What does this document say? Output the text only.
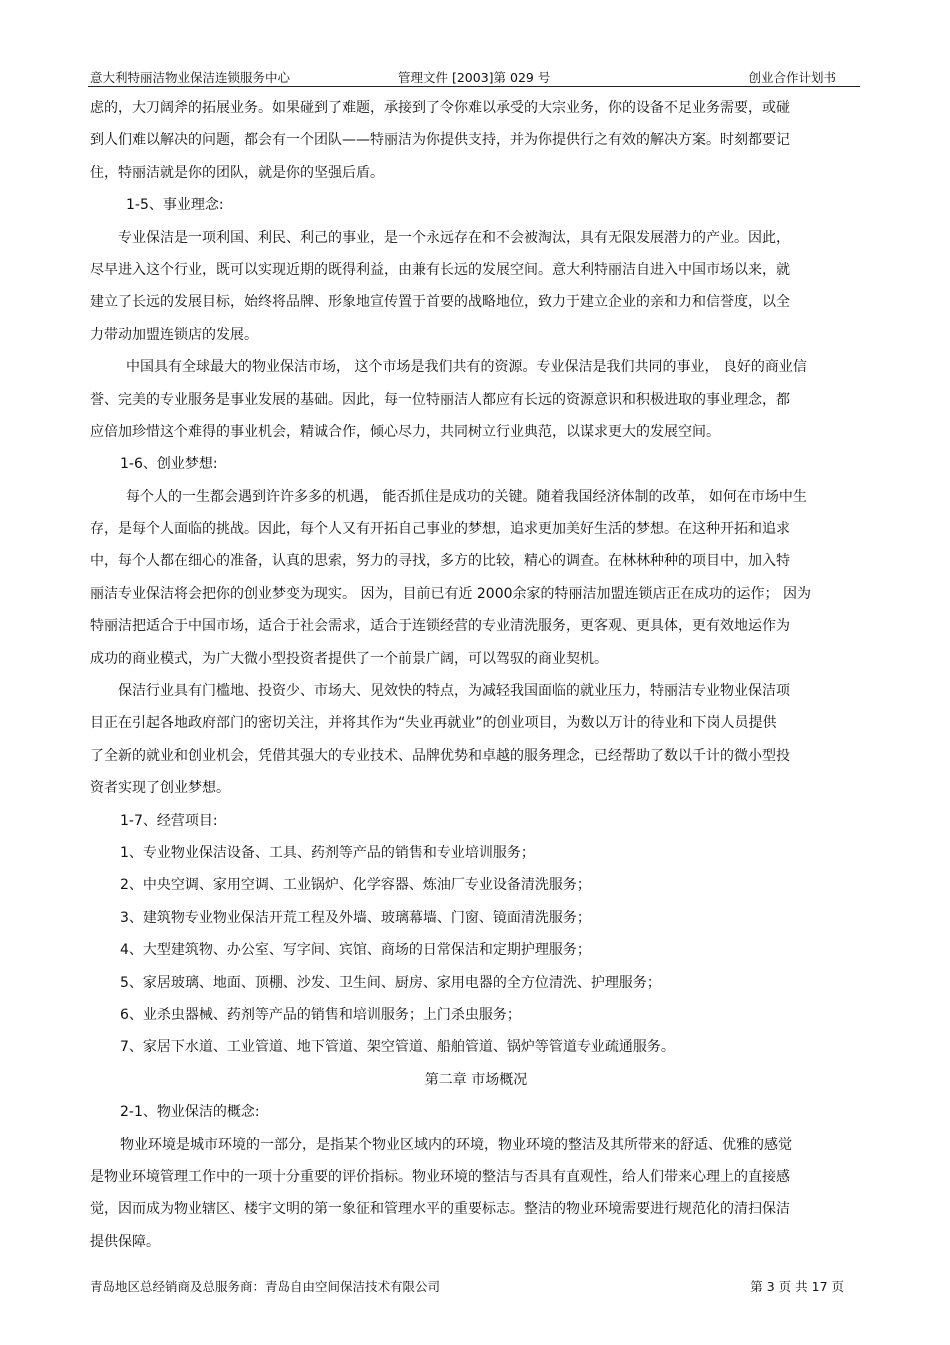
意大利特丽洁物业保洁连锁服务中心	管理文件 [2003]第 029 号	创业合作计划书
虑的，大刀阔斧的拓展业务。如果碰到了难题，承接到了令你难以承受的大宗业务，你的设备不足业务需要，或碰
到人们难以解决的问题，都会有一个团队——特丽洁为你提供支持，并为你提供行之有效的解决方案。时刻都要记
住，特丽洁就是你的团队，就是你的坚强后盾。
1-5、事业理念:
专业保洁是一项利国、利民、利己的事业，是一个永远存在和不会被淘汰，具有无限发展潜力的产业。因此，
尽早进入这个行业，既可以实现近期的既得利益，由兼有长远的发展空间。意大利特丽洁自进入中国市场以来，就
建立了长远的发展目标，始终将品牌、形象地宣传置于首要的战略地位，致力于建立企业的亲和力和信誉度，以全
力带动加盟连锁店的发展。
中国具有全球最大的物业保洁市场， 这个市场是我们共有的资源。专业保洁是我们共同的事业， 良好的商业信
誉、完美的专业服务是事业发展的基础。因此，每一位特丽洁人都应有长远的资源意识和积极进取的事业理念，都
应倍加珍惜这个难得的事业机会，精诚合作，倾心尽力，共同树立行业典范，以谋求更大的发展空间。
1-6、创业梦想:
每个人的一生都会遇到许许多多的机遇， 能否抓住是成功的关键。随着我国经济体制的改革， 如何在市场中生
存，是每个人面临的挑战。因此，每个人又有开拓自己事业的梦想，追求更加美好生活的梦想。在这种开拓和追求
中，每个人都在细心的准备，认真的思索，努力的寻找，多方的比较，精心的调查。在林林种种的项目中，加入特
丽洁专业保洁将会把你的创业梦变为现实。 因为，目前已有近 2000余家的特丽洁加盟连锁店正在成功的运作； 因为
特丽洁把适合于中国市场，适合于社会需求，适合于连锁经营的专业清洗服务，更客观、更具体，更有效地运作为
成功的商业模式，为广大微小型投资者提供了一个前景广阔，可以驾驭的商业契机。
保洁行业具有门槛地、投资少、市场大、见效快的特点，为减轻我国面临的就业压力，特丽洁专业物业保洁项
目正在引起各地政府部门的密切关注，并将其作为“失业再就业”的创业项目，为数以万计的待业和下岗人员提供
了全新的就业和创业机会，凭借其强大的专业技术、品牌优势和卓越的服务理念，已经帮助了数以千计的微小型投
资者实现了创业梦想。
1-7、经营项目:
1、专业物业保洁设备、工具、药剂等产品的销售和专业培训服务；
2、中央空调、家用空调、工业锅炉、化学容器、炼油厂专业设备清洗服务；
3、建筑物专业物业保洁开荒工程及外墙、玻璃幕墙、门窗、镜面清洗服务；
4、大型建筑物、办公室、写字间、宾馆、商场的日常保洁和定期护理服务；
5、家居玻璃、地面、顶棚、沙发、卫生间、厨房、家用电器的全方位清洗、护理服务；
6、业杀虫器械、药剂等产品的销售和培训服务；上门杀虫服务；
7、家居下水道、工业管道、地下管道、架空管道、船舶管道、锅炉等管道专业疏通服务。
第二章 市场概况
2-1、物业保洁的概念:
物业环境是城市环境的一部分，是指某个物业区域内的环境，物业环境的整洁及其所带来的舒适、优雅的感觉
是物业环境管理工作中的一项十分重要的评价指标。物业环境的整洁与否具有直观性，给人们带来心理上的直接感
觉，因而成为物业辖区、楼宇文明的第一象征和管理水平的重要标志。整洁的物业环境需要进行规范化的清扫保洁
提供保障。
青岛地区总经销商及总服务商：青岛自由空间保洁技术有限公司	第 3 页 共 17 页
